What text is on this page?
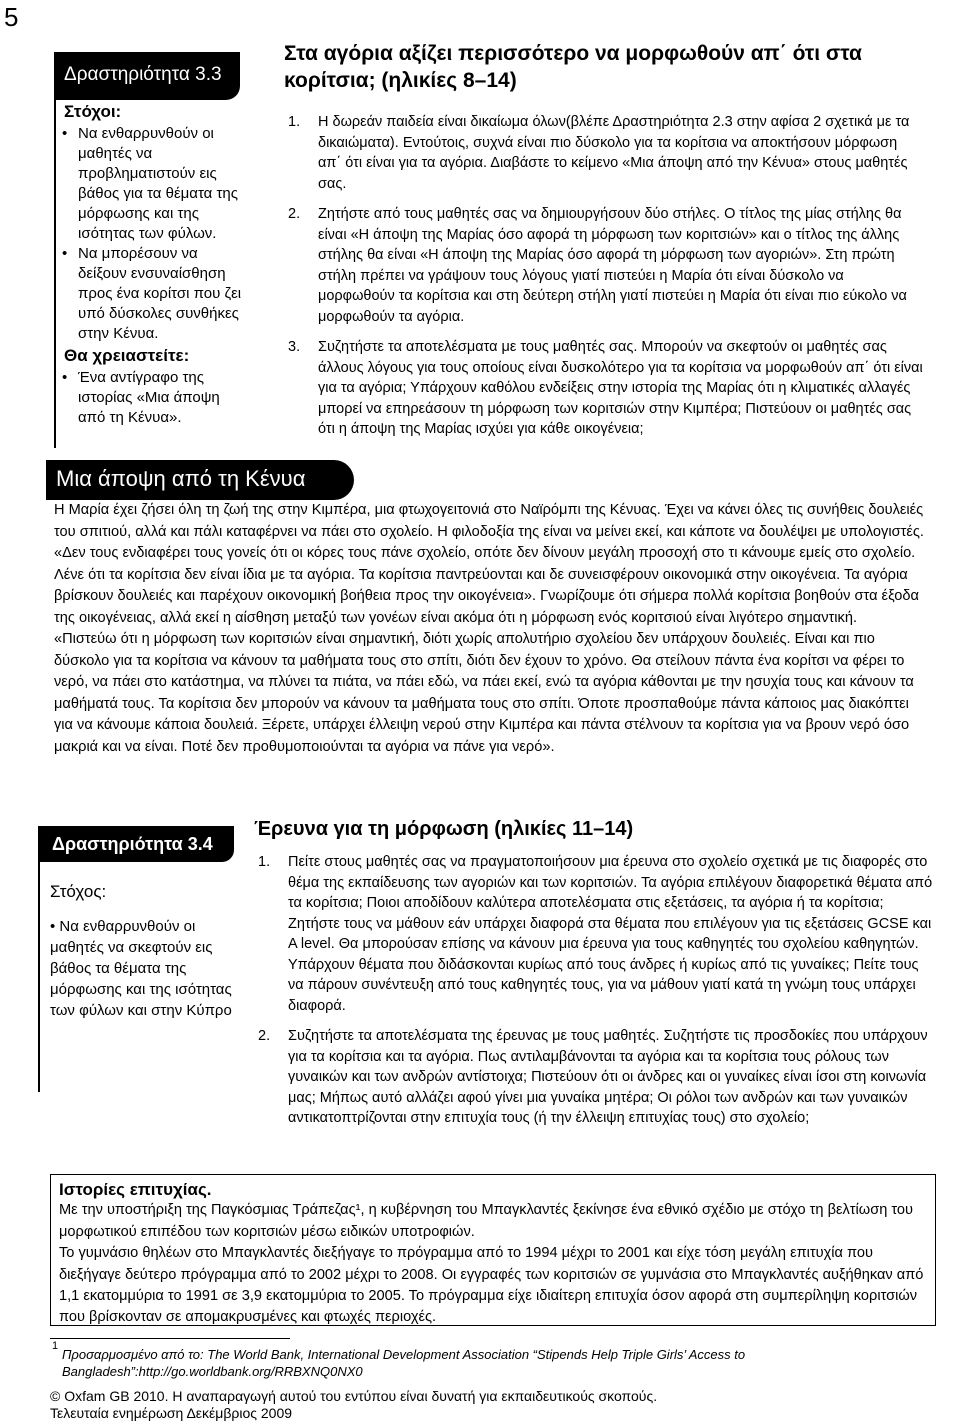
5
Δραστηριότητα 3.3
Στόχοι:
• Να ενθαρρυνθούν οι μαθητές να προβληματιστούν εις βάθος για τα θέματα της μόρφωσης και της ισότητας των φύλων.
• Να μπορέσουν να δείξουν ενσυναίσθηση προς ένα κορίτσι που ζει υπό δύσκολες συνθήκες στην Κένυα.
Θα χρειαστείτε:
• Ένα αντίγραφο της ιστορίας «Μια άποψη από τη Κένυα».
Στα αγόρια αξίζει περισσότερο να μορφωθούν απ΄ ότι στα κορίτσια; (ηλικίες 8–14)
1. Η δωρεάν παιδεία είναι δικαίωμα όλων(βλέπε Δραστηριότητα 2.3 στην αφίσα 2 σχετικά με τα δικαιώματα). Εντούτοις, συχνά είναι πιο δύσκολο για τα κορίτσια να αποκτήσουν μόρφωση απ΄ ότι είναι για τα αγόρια. Διαβάστε το κείμενο «Μια άποψη από την Κένυα» στους μαθητές σας.
2. Ζητήστε από τους μαθητές σας να δημιουργήσουν δύο στήλες. Ο τίτλος της μίας στήλης θα είναι «Η άποψη της Μαρίας όσο αφορά τη μόρφωση των κοριτσιών» και ο τίτλος της άλλης στήλης θα είναι «Η άποψη της Μαρίας όσο αφορά τη μόρφωση των αγοριών». Στη πρώτη στήλη πρέπει να γράψουν τους λόγους γιατί πιστεύει η Μαρία ότι είναι δύσκολο να μορφωθούν τα κορίτσια και στη δεύτερη στήλη γιατί πιστεύει η Μαρία ότι είναι πιο εύκολο να μορφωθούν τα αγόρια.
3. Συζητήστε τα αποτελέσματα με τους μαθητές σας. Μπορούν να σκεφτούν οι μαθητές σας άλλους λόγους για τους οποίους είναι δυσκολότερο για τα κορίτσια να μορφωθούν απ΄ ότι είναι για τα αγόρια; Υπάρχουν καθόλου ενδείξεις στην ιστορία της Μαρίας ότι η κλιματικές αλλαγές μπορεί να επηρεάσουν τη μόρφωση των κοριτσιών στην Κιμπέρα; Πιστεύουν οι μαθητές σας ότι η άποψη της Μαρίας ισχύει για κάθε οικογένεια;
Μια άποψη από τη Κένυα

Η Μαρία έχει ζήσει όλη τη ζωή της στην Κιμπέρα, μια φτωχογειτονιά στο Ναϊρόμπι της Κένυας. Έχει να κάνει όλες τις συνήθεις δουλειές του σπιτιού, αλλά και πάλι καταφέρνει να πάει στο σχολείο. Η φιλοδοξία της είναι να μείνει εκεί, και κάποτε να δουλέψει με υπολογιστές. «Δεν τους ενδιαφέρει τους γονείς ότι οι κόρες τους πάνε σχολείο, οπότε δεν δίνουν μεγάλη προσοχή στο τι κάνουμε εμείς στο σχολείο. Λένε ότι τα κορίτσια δεν είναι ίδια με τα αγόρια. Τα κορίτσια παντρεύονται και δε συνεισφέρουν οικονομικά στην οικογένεια. Τα αγόρια βρίσκουν δουλειές και παρέχουν οικονομική βοήθεια προς την οικογένεια». Γνωρίζουμε ότι σήμερα πολλά κορίτσια βοηθούν στα έξοδα της οικογένειας, αλλά εκεί η αίσθηση μεταξύ των γονέων είναι ακόμα ότι η μόρφωση ενός κοριτσιού είναι λιγότερο σημαντική.

«Πιστεύω ότι η μόρφωση των κοριτσιών είναι σημαντική, διότι χωρίς απολυτήριο σχολείου δεν υπάρχουν δουλειές. Είναι και πιο δύσκολο για τα κορίτσια να κάνουν τα μαθήματα τους στο σπίτι, διότι δεν έχουν το χρόνο. Θα στείλουν πάντα ένα κορίτσι να φέρει το νερό, να πάει στο κατάστημα, να πλύνει τα πιάτα, να πάει εδώ, να πάει εκεί, ενώ τα αγόρια κάθονται με την ησυχία τους και κάνουν τα μαθήματά τους. Τα κορίτσια δεν μπορούν να κάνουν τα μαθήματα τους στο σπίτι. Όποτε προσπαθούμε πάντα κάποιος μας διακόπτει για να κάνουμε κάποια δουλειά. Ξέρετε, υπάρχει έλλειψη νερού στην Κιμπέρα και πάντα στέλνουν τα κορίτσια για να βρουν νερό όσο μακριά και να είναι. Ποτέ δεν προθυμοποιούνται τα αγόρια να πάνε για νερό».

Δραστηριότητα 3.4
Στόχος:
• Να ενθαρρυνθούν οι μαθητές να σκεφτούν εις βάθος τα θέματα της μόρφωσης και της ισότητας των φύλων και στην Κύπρο
Έρευνα για τη μόρφωση (ηλικίες 11–14)
1. Πείτε στους μαθητές σας να πραγματοποιήσουν μια έρευνα στο σχολείο σχετικά με τις διαφορές στο θέμα της εκπαίδευσης των αγοριών και των κοριτσιών. Τα αγόρια επιλέγουν διαφορετικά θέματα από τα κορίτσια; Ποιοι αποδίδουν καλύτερα αποτελέσματα στις εξετάσεις, τα αγόρια ή τα κορίτσια; Ζητήστε τους να μάθουν εάν υπάρχει διαφορά στα θέματα που επιλέγουν για τις εξετάσεις GCSE και A level. Θα μπορούσαν επίσης να κάνουν μια έρευνα για τους καθηγητές του σχολείου καθηγητών. Υπάρχουν θέματα που διδάσκονται κυρίως από τους άνδρες ή κυρίως από τις γυναίκες; Πείτε τους να πάρουν συνέντευξη από τους καθηγητές τους, για να μάθουν γιατί κατά τη γνώμη τους υπάρχει διαφορά.
2. Συζητήστε τα αποτελέσματα της έρευνας με τους μαθητές. Συζητήστε τις προσδοκίες που υπάρχουν για τα κορίτσια και τα αγόρια. Πως αντιλαμβάνονται τα αγόρια και τα κορίτσια τους ρόλους των γυναικών και των ανδρών αντίστοιχα; Πιστεύουν ότι οι άνδρες και οι γυναίκες είναι ίσοι στη κοινωνία μας; Μήπως αυτό αλλάζει αφού γίνει μια γυναίκα μητέρα; Οι ρόλοι των ανδρών και των γυναικών αντικατοπτρίζονται στην επιτυχία τους (ή την έλλειψη επιτυχίας τους) στο σχολείο;
Ιστορίες επιτυχίας.

Με την υποστήριξη της Παγκόσμιας Τράπεζας¹, η κυβέρνηση του Μπαγκλαντές ξεκίνησε ένα εθνικό σχέδιο με στόχο τη βελτίωση του μορφωτικού επιπέδου των κοριτσιών μέσω ειδικών υποτροφιών.

Το γυμνάσιο θηλέων στο Μπαγκλαντές διεξήγαγε το πρόγραμμα από το 1994 μέχρι το 2001 και είχε τόση μεγάλη επιτυχία που διεξήγαγε δεύτερο πρόγραμμα από το 2002 μέχρι το 2008. Οι εγγραφές των κοριτσιών σε γυμνάσια στο Μπαγκλαντές αυξήθηκαν από 1,1 εκατομμύρια το 1991 σε 3,9 εκατομμύρια το 2005. Το πρόγραμμα είχε ιδιαίτερη επιτυχία όσον αφορά στη συμπερίληψη κοριτσιών που βρίσκονταν σε απομακρυσμένες και φτωχές περιοχές.

1
Προσαρμοσμένο από το: The World Bank, International Development Association “Stipends Help Triple Girls’ Access to Bangladesh”:http://go.worldbank.org/RRBXNQ0NX0
© Oxfam GB 2010. Η αναπαραγωγή αυτού του εντύπου είναι δυνατή για εκπαιδευτικούς σκοπούς.
Τελευταία ενημέρωση Δεκέμβριος 2009
